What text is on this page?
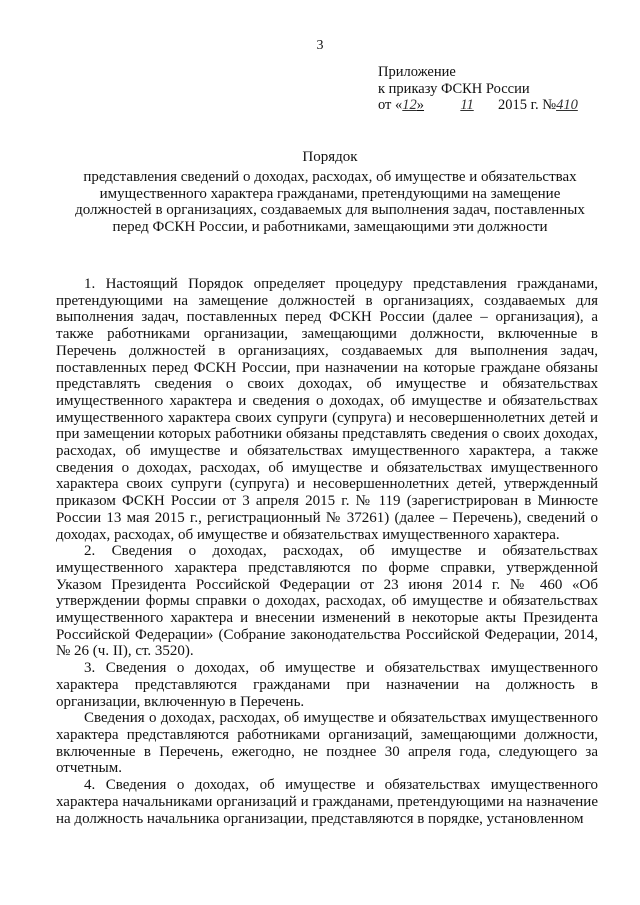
3
Приложение
к приказу ФСКН России
от «12»	11 2015 г. №410
Порядок
представления сведений о доходах, расходах, об имуществе и обязательствах имущественного характера гражданами, претендующими на замещение должностей в организациях, создаваемых для выполнения задач, поставленных перед ФСКН России, и работниками, замещающими эти должности

1. Настоящий Порядок определяет процедуру представления гражданами, претендующими на замещение должностей в организациях, создаваемых для выполнения задач, поставленных перед ФСКН России (далее – организация), а также работниками организации, замещающими должности, включенные в Перечень должностей в организациях, создаваемых для выполнения задач, поставленных перед ФСКН России, при назначении на которые граждане обязаны представлять сведения о своих доходах, об имуществе и обязательствах имущественного характера и сведения о доходах, об имуществе и обязательствах имущественного характера своих супруги (супруга) и несовершеннолетних детей и при замещении которых работники обязаны представлять сведения о своих доходах, расходах, об имуществе и обязательствах имущественного характера, а также сведения о доходах, расходах, об имуществе и обязательствах имущественного характера своих супруги (супруга) и несовершеннолетних детей, утвержденный приказом ФСКН России от 3 апреля 2015 г. № 119 (зарегистрирован в Минюсте России 13 мая 2015 г., регистрационный № 37261) (далее – Перечень), сведений о доходах, расходах, об имуществе и обязательствах имущественного характера.

2. Сведения о доходах, расходах, об имуществе и обязательствах имущественного характера представляются по форме справки, утвержденной Указом Президента Российской Федерации от 23 июня 2014 г. № 460 «Об утверждении формы справки о доходах, расходах, об имуществе и обязательствах имущественного характера и внесении изменений в некоторые акты Президента Российской Федерации» (Собрание законодательства Российской Федерации, 2014, № 26 (ч. II), ст. 3520).

3. Сведения о доходах, об имуществе и обязательствах имущественного характера представляются гражданами при назначении на должность в организации, включенную в Перечень.

Сведения о доходах, расходах, об имуществе и обязательствах имущественного характера представляются работниками организаций, замещающими должности, включенные в Перечень, ежегодно, не позднее 30 апреля года, следующего за отчетным.

4. Сведения о доходах, об имуществе и обязательствах имущественного характера начальниками организаций и гражданами, претендующими на назначение на должность начальника организации, представляются в порядке, установленном
